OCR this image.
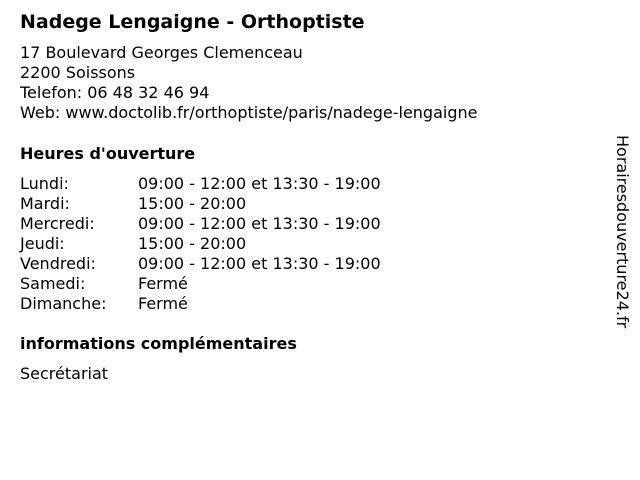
Nadege Lengaigne - Orthoptiste
17 Boulevard Georges Clemenceau
2200 Soissons
Telefon: 06 48 32 46 94
Web: www.doctolib.fr/orthoptiste/paris/nadege-lengaigne
Heures d'ouverture
Lundi:	09:00 - 12:00 et 13:30 - 19:00
Mardi:	15:00 - 20:00
Mercredi:	09:00 - 12:00 et 13:30 - 19:00
Jeudi:	15:00 - 20:00
Vendredi:	09:00 - 12:00 et 13:30 - 19:00
Samedi:	Fermé
Dimanche: Fermé
informations complémentaires
Secrétariat
Horairesdouverture24.fr
